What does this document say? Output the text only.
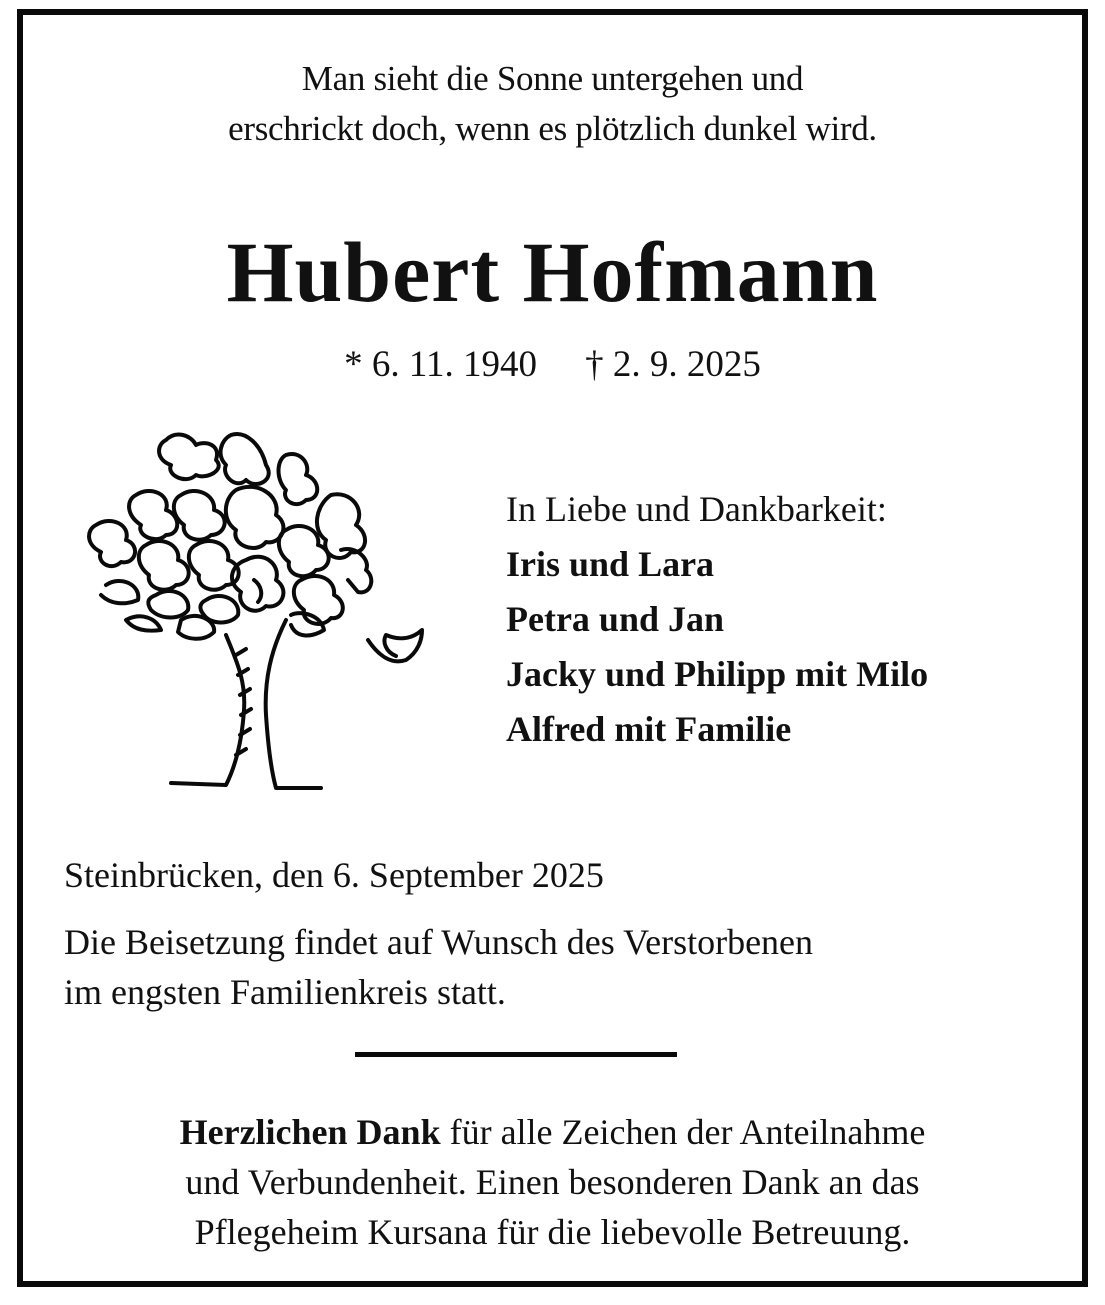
Man sieht die Sonne untergehen und
erschrickt doch, wenn es plötzlich dunkel wird.
Hubert Hofmann
* 6. 11. 1940 † 2. 9. 2025
In Liebe und Dankbarkeit:
Iris und Lara
Petra und Jan
Jacky und Philipp mit Milo
Alfred mit Familie
Steinbrücken, den 6. September 2025
Die Beisetzung findet auf Wunsch des Verstorbenen
im engsten Familienkreis statt.
Herzlichen Dank für alle Zeichen der Anteilnahme
und Verbundenheit. Einen besonderen Dank an das
Pflegeheim Kursana für die liebevolle Betreuung.
